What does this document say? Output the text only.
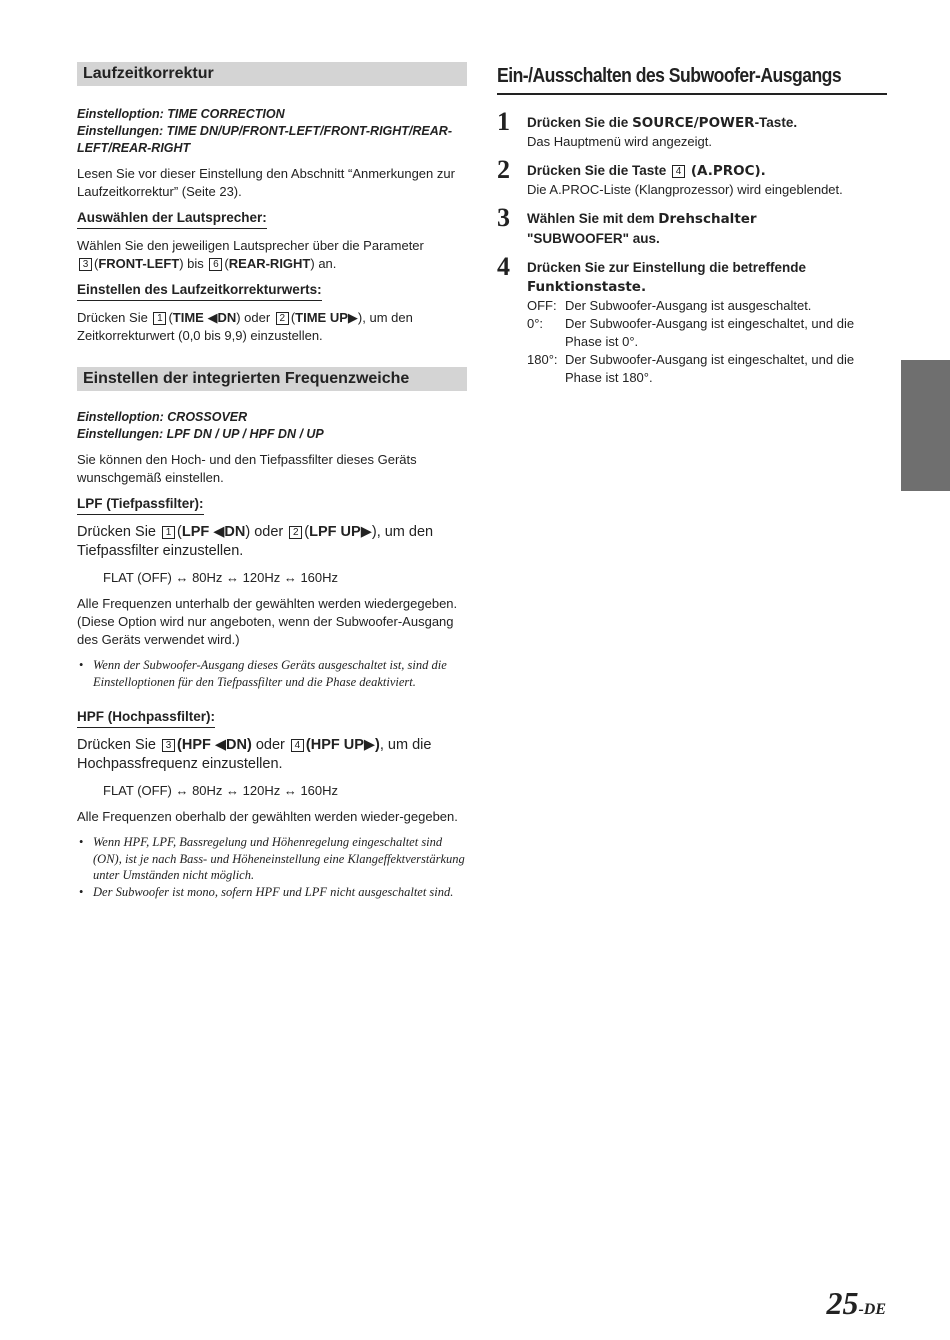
Laufzeitkorrektur

Einstelloption: TIME CORRECTION

Einstellungen: TIME DN/UP/FRONT-LEFT/FRONT-RIGHT/REAR-

LEFT/REAR-RIGHT

Lesen Sie vor dieser Einstellung den Abschnitt “Anmerkungen zur Laufzeitkorrektur” (Seite 23).

Auswählen der Lautsprecher:

Wählen Sie den jeweiligen Lautsprecher über die Parameter
3 (FRONT-LEFT) bis 6 (REAR-RIGHT) an.

Einstellen des Laufzeitkorrekturwerts:

Drücken Sie 1 (TIME ◀DN) oder 2 (TIME UP▶), um den Zeitkorrekturwert (0,0 bis 9,9) einzustellen.

Einstellen der integrierten Frequenzweiche

Einstelloption: CROSSOVER

Einstellungen: LPF DN / UP / HPF DN / UP

Sie können den Hoch- und den Tiefpassfilter dieses Geräts wunschgemäß einstellen.

LPF (Tiefpassfilter):

Drücken Sie 1 (LPF ◀DN) oder 2 (LPF UP▶), um den Tiefpassfilter einzustellen.

FLAT (OFF) ↔ 80Hz ↔ 120Hz ↔ 160Hz

Alle Frequenzen unterhalb der gewählten werden wiedergegeben.

(Diese Option wird nur angeboten, wenn der Subwoofer-Ausgang des Geräts verwendet wird.)

• Wenn der Subwoofer-Ausgang dieses Geräts ausgeschaltet ist, sind die Einstelloptionen für den Tiefpassfilter und die Phase deaktiviert.

HPF (Hochpassfilter):

Drücken Sie 3 (HPF ◀DN) oder 4 (HPF UP▶), um die Hochpassfrequenz einzustellen.

FLAT (OFF) ↔ 80Hz ↔ 120Hz ↔ 160Hz

Alle Frequenzen oberhalb der gewählten werden wieder-gegeben.

• Wenn HPF, LPF, Bassregelung und Höhenregelung eingeschaltet sind (ON), ist je nach Bass- und Höheneinstellung eine Klangeffektverstärkung unter Umständen nicht möglich.

• Der Subwoofer ist mono, sofern HPF und LPF nicht ausgeschaltet sind.

Ein-/Ausschalten des Subwoofer-Ausgangs
1 Drücken Sie die SOURCE/POWER-Taste.

Das Hauptmenü wird angezeigt.

2 Drücken Sie die Taste 4 (A.PROC).

Die A.PROC-Liste (Klangprozessor) wird eingeblendet.

3 Wählen Sie mit dem Drehschalter
"SUBWOOFER" aus.

4 Drücken Sie zur Einstellung die betreffende
Funktionstaste.

OFF: Der Subwoofer-Ausgang ist ausgeschaltet.
0°:	Der Subwoofer-Ausgang ist eingeschaltet, und die Phase ist 0°.
180°: Der Subwoofer-Ausgang ist eingeschaltet, und die Phase ist 180°.
25-DE
